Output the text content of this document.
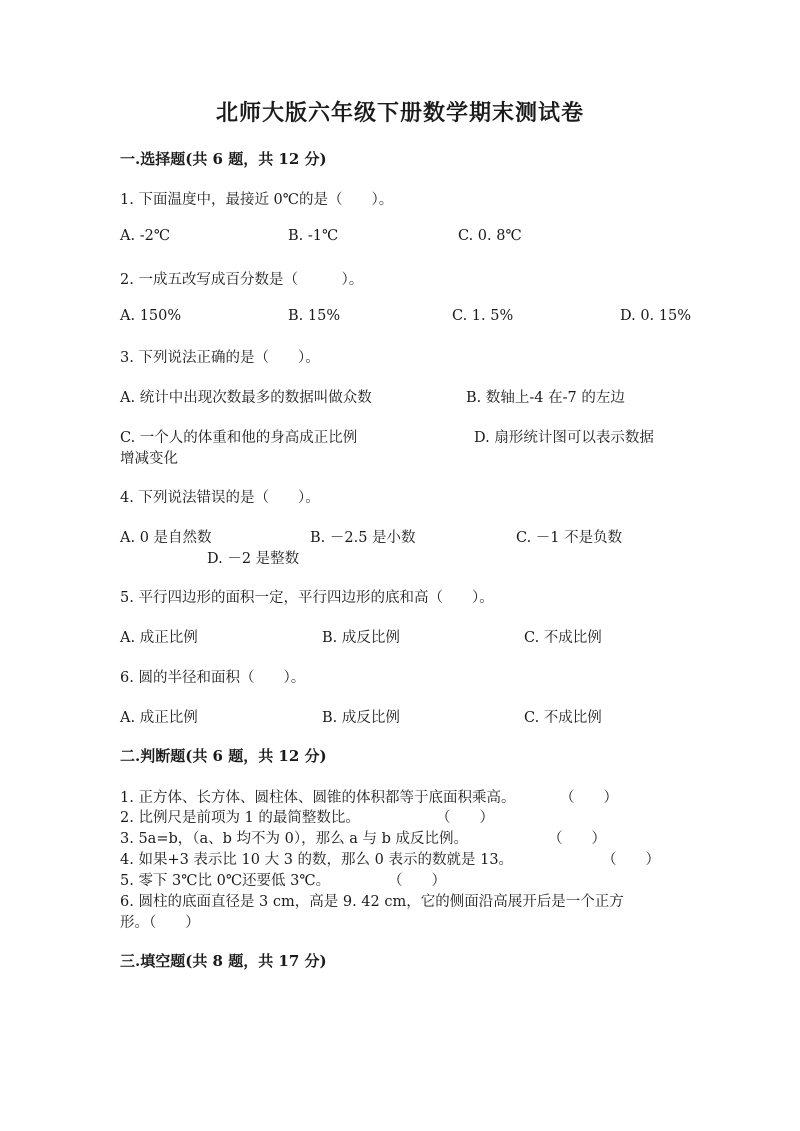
北师大版六年级下册数学期末测试卷

一.选择题(共 6 题，共 12 分)

1. 下面温度中，最接近 0℃的是（　　）。

A. -2℃	B. -1℃	C. 0. 8℃

2. 一成五改写成百分数是（　　　）。

A. 150%	B. 15%	C. 1. 5%	D. 0. 15%

3. 下列说法正确的是（　　）。

A. 统计中出现次数最多的数据叫做众数	B. 数轴上-4 在-7 的左边

C. 一个人的体重和他的身高成正比例	D. 扇形统计图可以表示数据

增减变化

4. 下列说法错误的是（　　）。

A. 0 是自然数	B. －2.5 是小数	C. －1 不是负数

D. －2 是整数

5. 平行四边形的面积一定，平行四边形的底和高（　　）。

A. 成正比例	B. 成反比例	C. 不成比例

6. 圆的半径和面积（　　）。

A. 成正比例	B. 成反比例	C. 不成比例

二.判断题(共 6 题，共 12 分)

1. 正方体、长方体、圆柱体、圆锥的体积都等于底面积乘高。	（　　）

2. 比例尺是前项为 1 的最简整数比。	（　　）

3. 5a=b，（a、b 均不为 0），那么 a 与 b 成反比例。	（　　）

4. 如果+3 表示比 10 大 3 的数，那么 0 表示的数就是 13。	（　　）

5. 零下 3℃比 0℃还要低 3℃。	（　　）

6. 圆柱的底面直径是 3 cm，高是 9. 42 cm，它的侧面沿高展开后是一个正方

形。（　　）

三.填空题(共 8 题，共 17 分)
